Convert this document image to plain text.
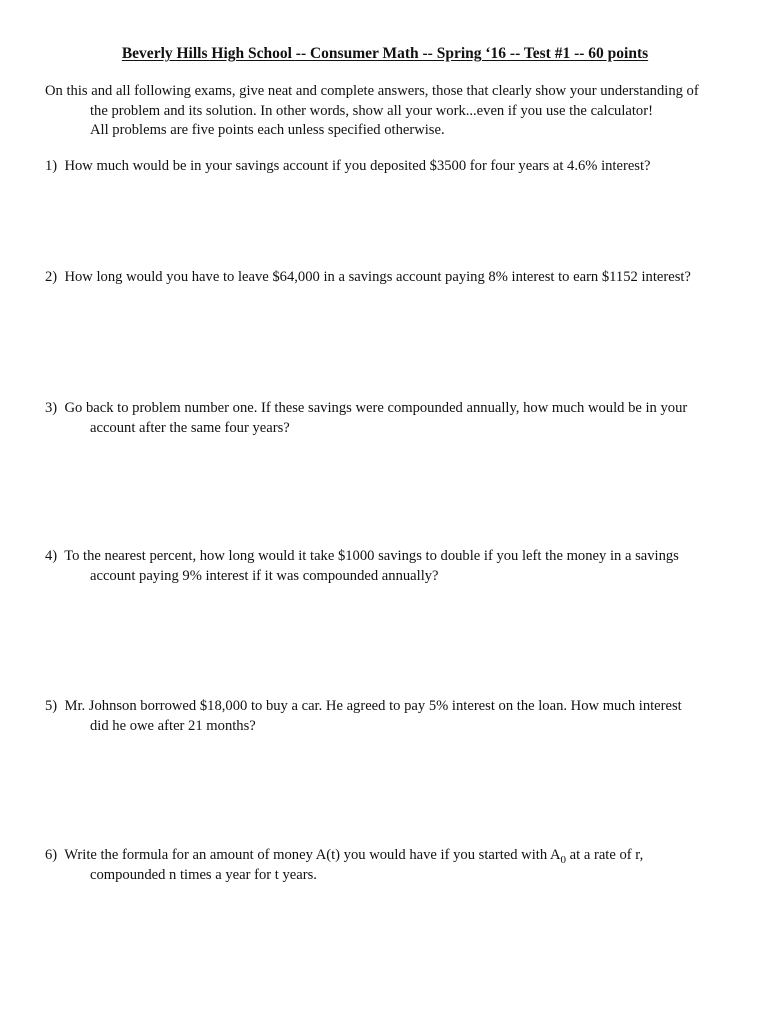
Beverly Hills High School -- Consumer Math -- Spring ‘16 -- Test #1 -- 60 points
On this and all following exams, give neat and complete answers, those that clearly show your understanding of
the problem and its solution. In other words, show all your work...even if you use the calculator!
All problems are five points each unless specified otherwise.
1) How much would be in your savings account if you deposited $3500 for four years at 4.6% interest?
2) How long would you have to leave $64,000 in a savings account paying 8% interest to earn $1152 interest?
3) Go back to problem number one. If these savings were compounded annually, how much would be in your
account after the same four years?
4) To the nearest percent, how long would it take $1000 savings to double if you left the money in a savings
account paying 9% interest if it was compounded annually?
5) Mr. Johnson borrowed $18,000 to buy a car. He agreed to pay 5% interest on the loan. How much interest
did he owe after 21 months?
6) Write the formula for an amount of money A(t) you would have if you started with $A_0$ at a rate of r,
compounded n times a year for t years.
